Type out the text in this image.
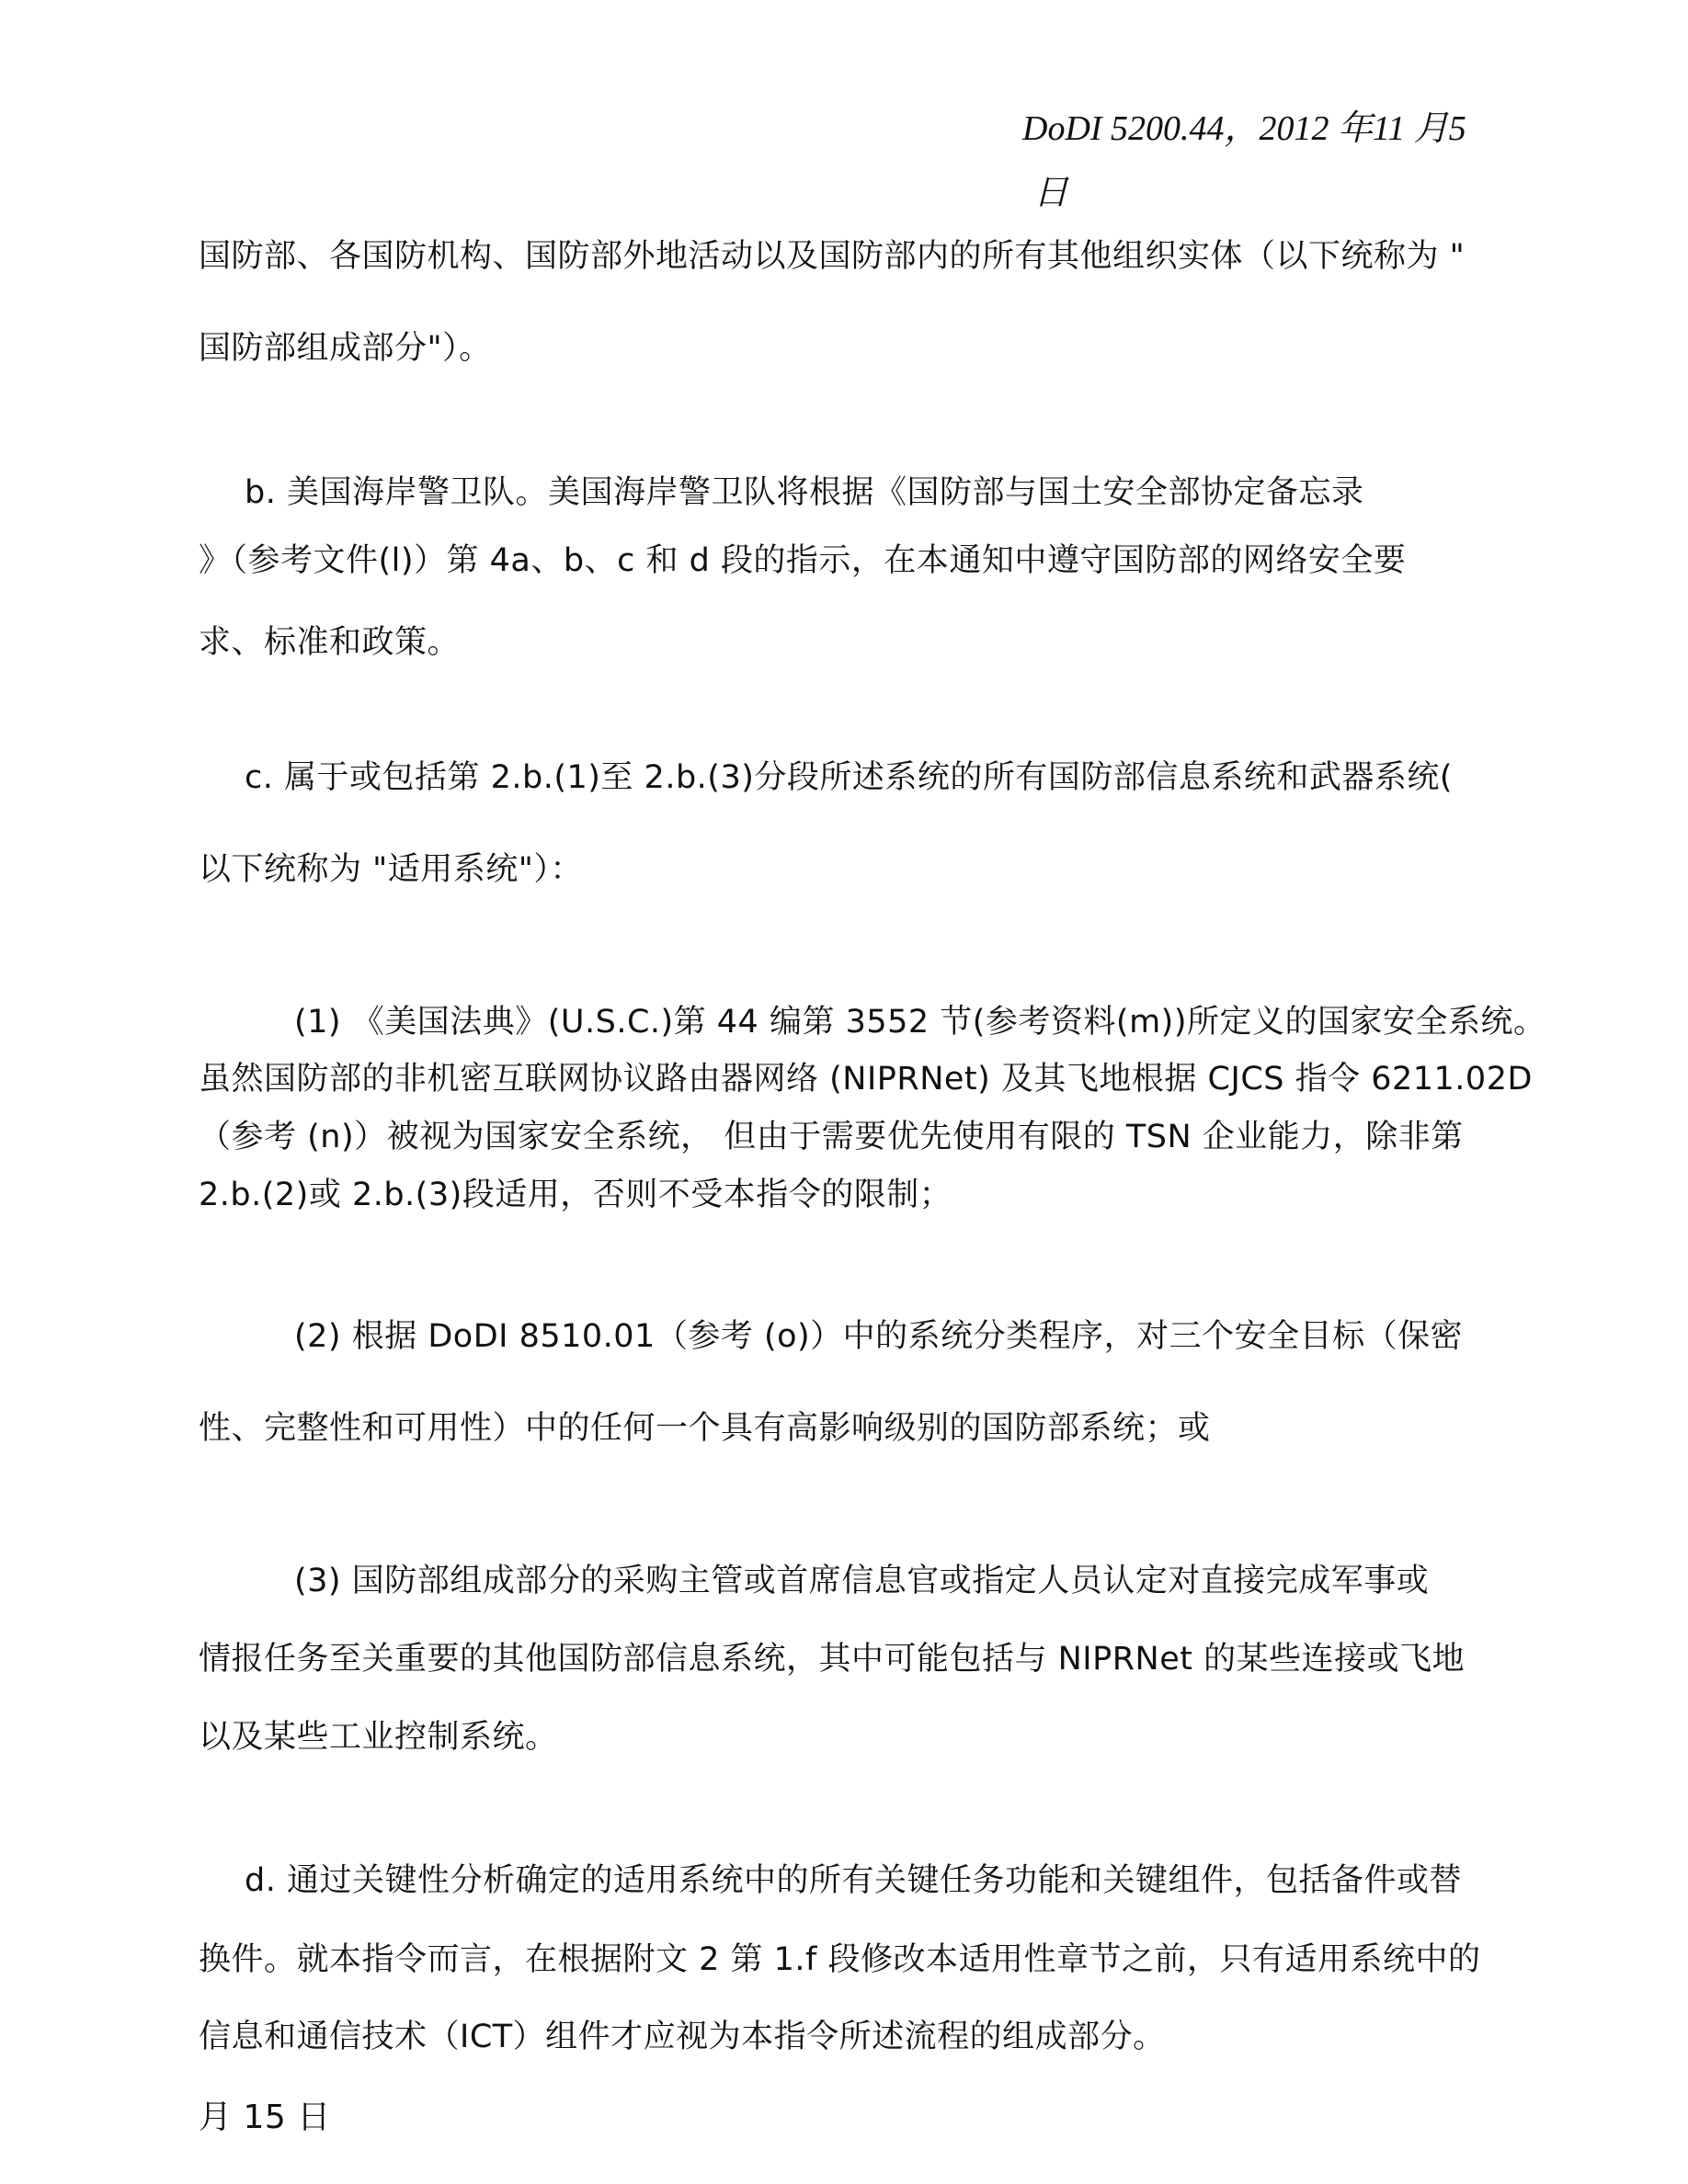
DoDI 5200.44，2012 年11 月5

日

国防部、各国防机构、国防部外地活动以及国防部内的所有其他组织实体（以下统称为 "

国防部组成部分"）。

b. 美国海岸警卫队。美国海岸警卫队将根据《国防部与国土安全部协定备忘录

》（参考文件(l)）第 4a、b、c 和 d 段的指示，在本通知中遵守国防部的网络安全要

求、标准和政策。

c. 属于或包括第 2.b.(1)至 2.b.(3)分段所述系统的所有国防部信息系统和武器系统(

以下统称为 "适用系统"）：

(1) 《美国法典》(U.S.C.)第 44 编第 3552 节(参考资料(m))所定义的国家安全系统。

虽然国防部的非机密互联网协议路由器网络 (NIPRNet) 及其飞地根据 CJCS 指令 6211.02D

（参考 (n)）被视为国家安全系统， 但由于需要优先使用有限的 TSN 企业能力，除非第

2.b.(2)或 2.b.(3)段适用，否则不受本指令的限制；

(2) 根据 DoDI 8510.01（参考 (o)）中的系统分类程序，对三个安全目标（保密

性、完整性和可用性）中的任何一个具有高影响级别的国防部系统；或

(3) 国防部组成部分的采购主管或首席信息官或指定人员认定对直接完成军事或

情报任务至关重要的其他国防部信息系统，其中可能包括与 NIPRNet 的某些连接或飞地

以及某些工业控制系统。

d. 通过关键性分析确定的适用系统中的所有关键任务功能和关键组件，包括备件或替

换件。就本指令而言，在根据附文 2 第 1.f 段修改本适用性章节之前，只有适用系统中的

信息和通信技术（ICT）组件才应视为本指令所述流程的组成部分。

月 15 日
